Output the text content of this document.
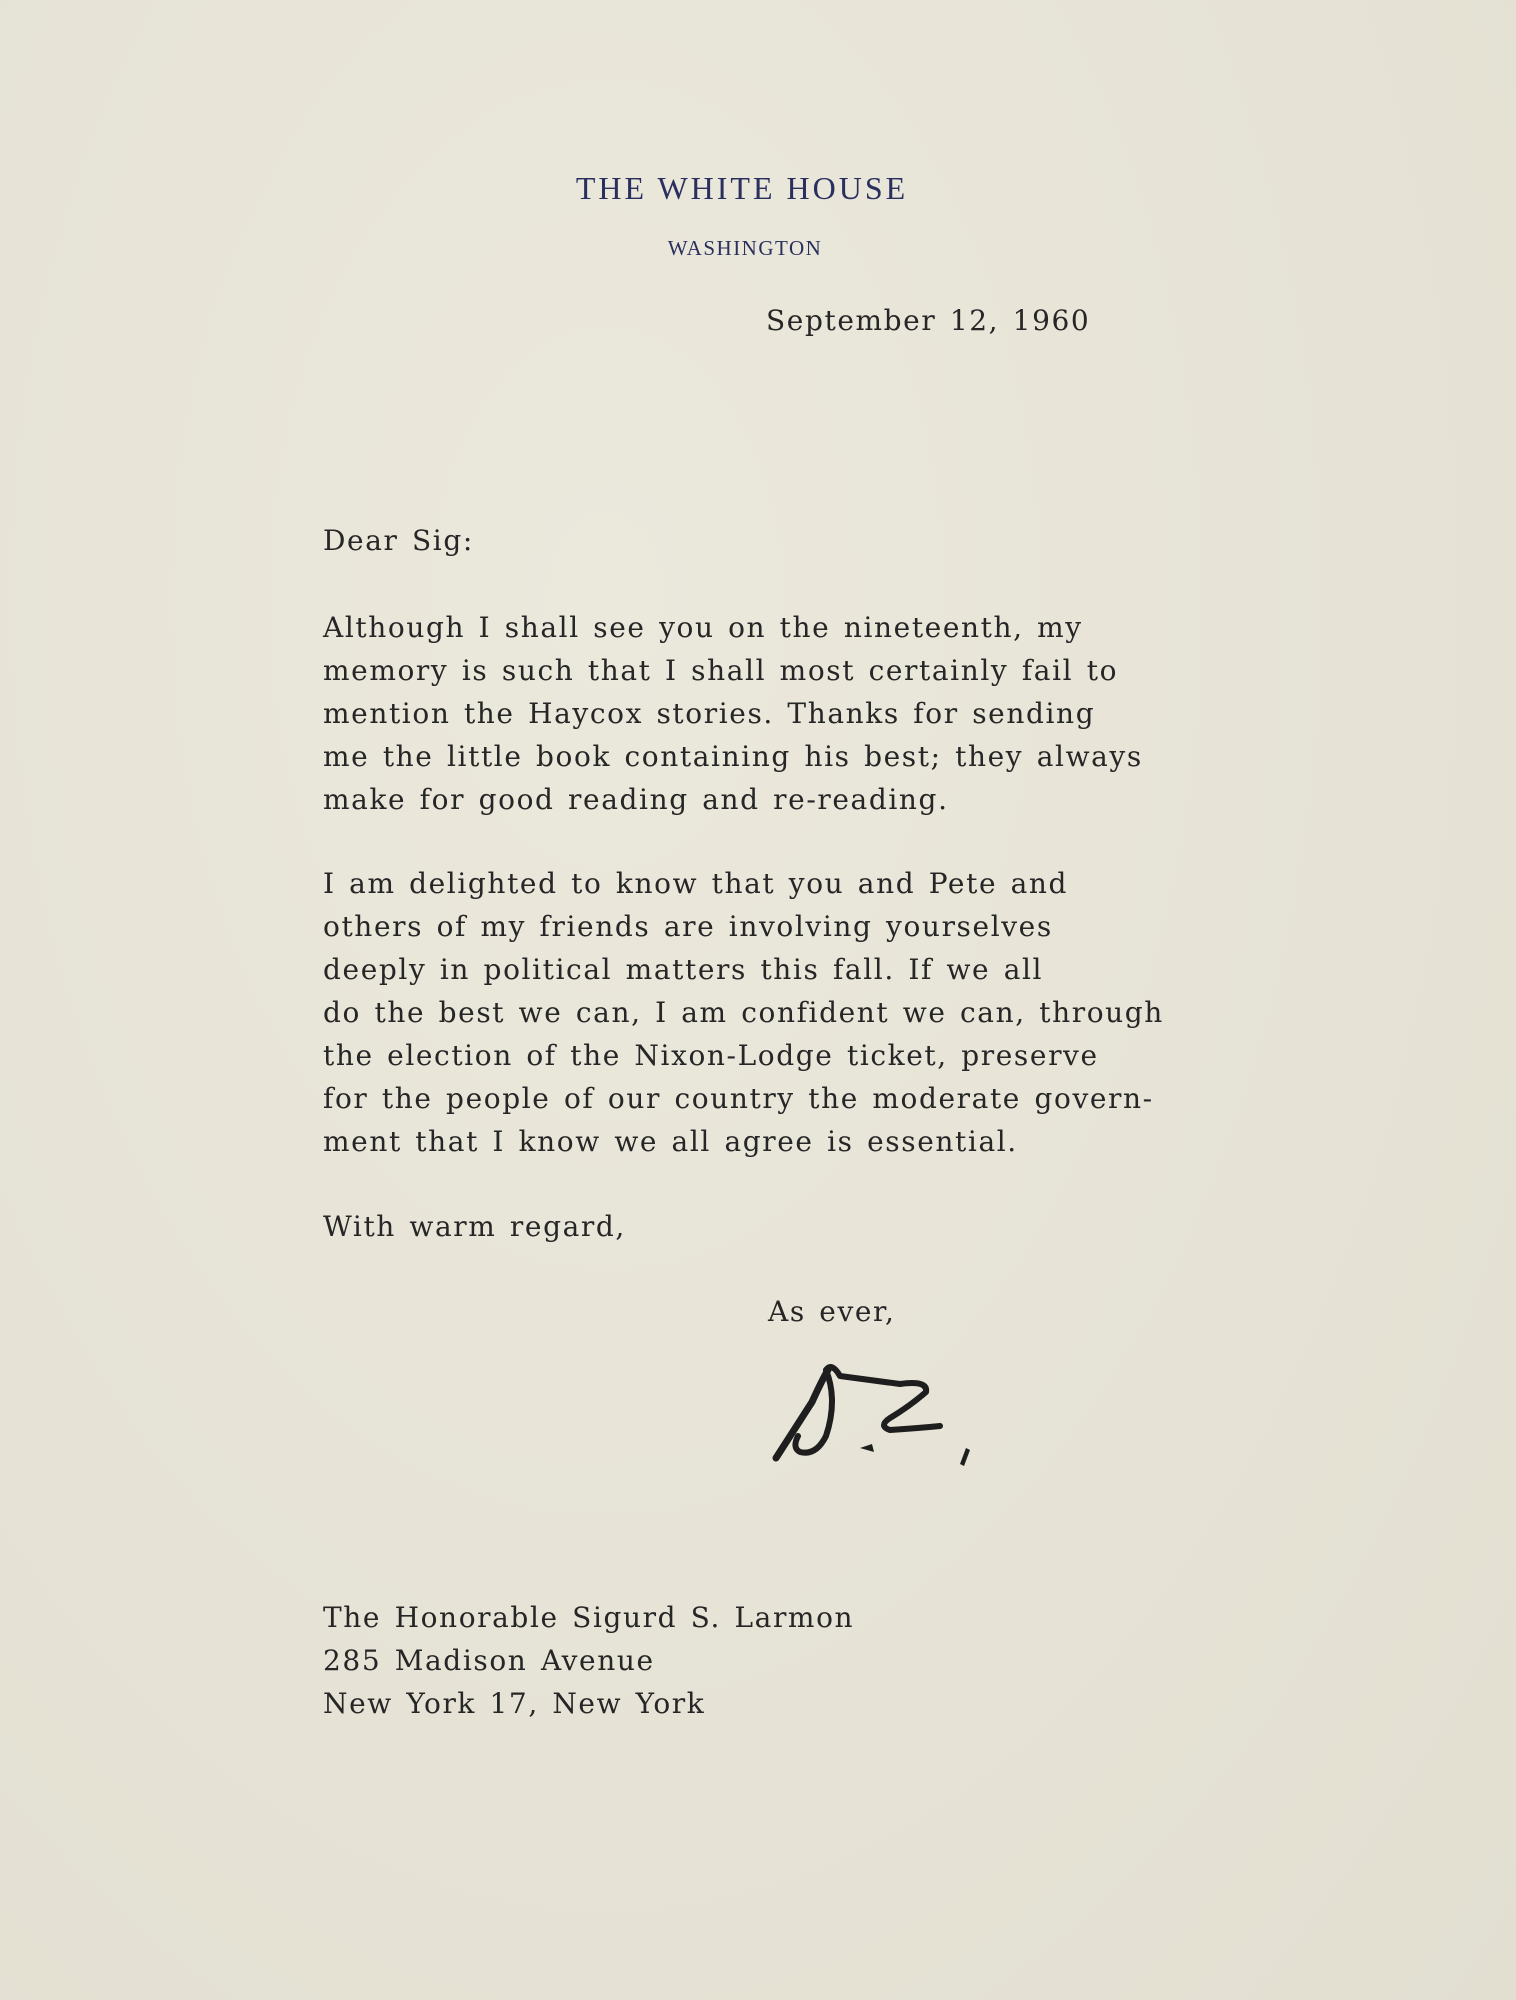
THE WHITE HOUSE
WASHINGTON
September 12, 1960
Dear Sig:
Although I shall see you on the nineteenth, my
memory is such that I shall most certainly fail to
mention the Haycox stories. Thanks for sending
me the little book containing his best; they always
make for good reading and re-reading.
I am delighted to know that you and Pete and
others of my friends are involving yourselves
deeply in political matters this fall. If we all
do the best we can, I am confident we can, through
the election of the Nixon-Lodge ticket, preserve
for the people of our country the moderate govern-
ment that I know we all agree is essential.
With warm regard,
As ever,
The Honorable Sigurd S. Larmon
285 Madison Avenue
New York 17, New York
